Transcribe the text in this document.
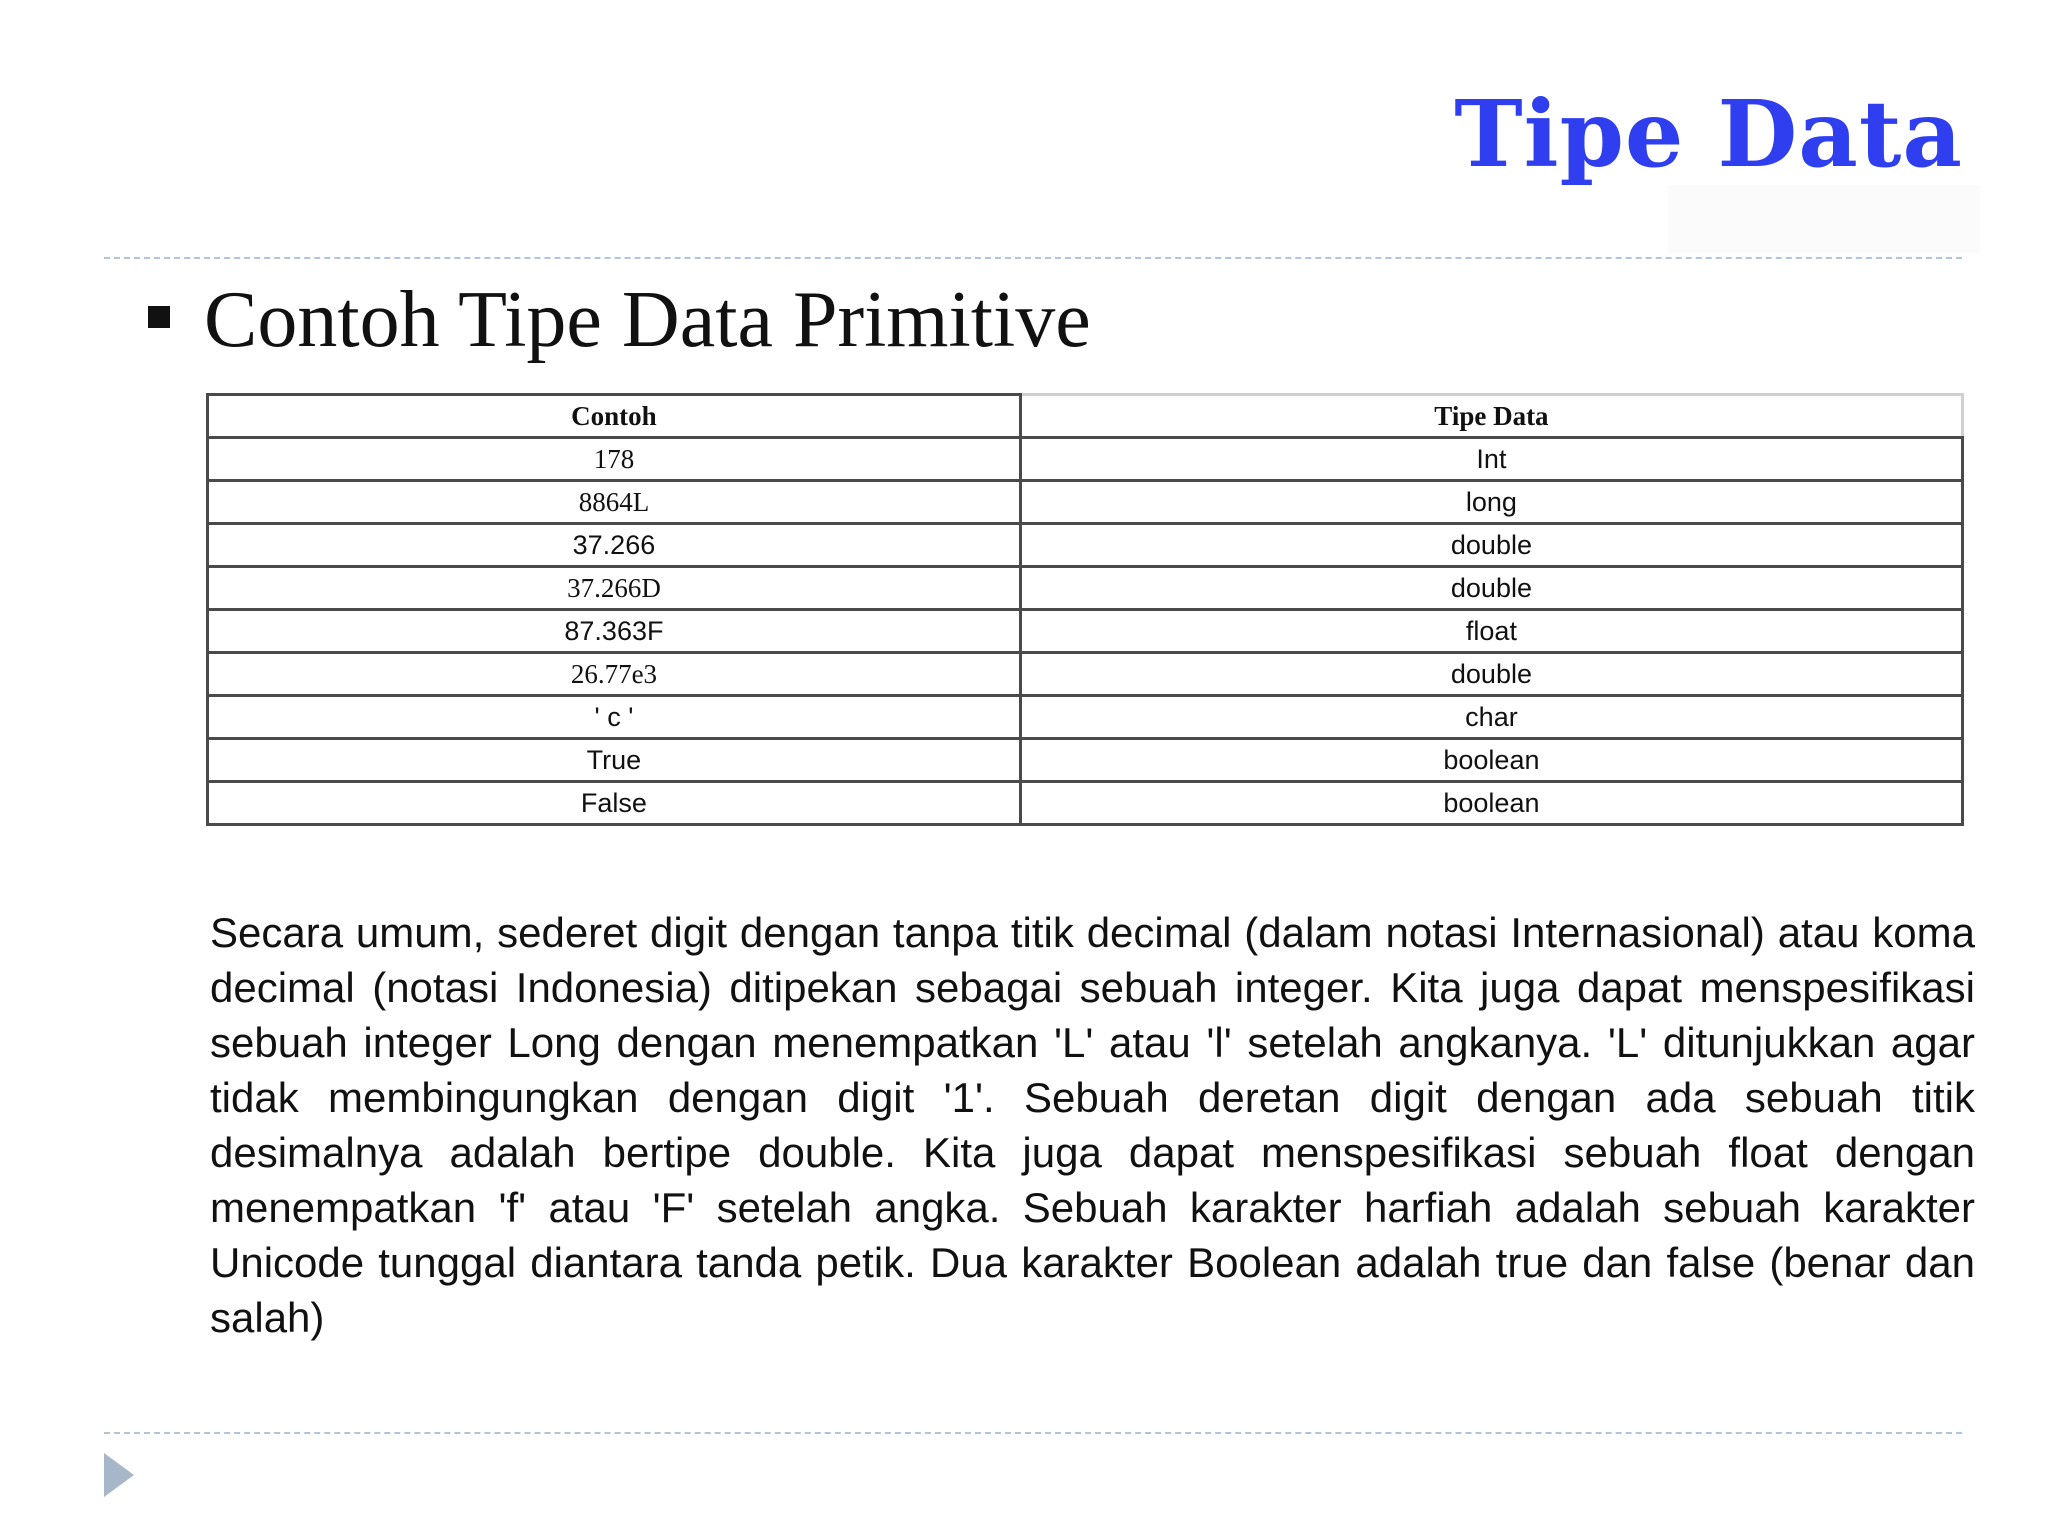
Tipe Data
Contoh Tipe Data Primitive
Contoh	Tipe Data
178	Int
8864L	long
37.266	double
37.266D	double
87.363F	float
26.77e3	double
' c '	char
True	boolean
False	boolean
Secara umum, sederet digit dengan tanpa titik decimal (dalam notasi Internasional) atau koma decimal (notasi Indonesia) ditipekan sebagai sebuah integer. Kita juga dapat menspesifikasi sebuah integer Long dengan menempatkan 'L' atau 'l' setelah angkanya. 'L' ditunjukkan agar tidak membingungkan dengan digit '1'. Sebuah deretan digit dengan ada sebuah titik desimalnya adalah bertipe double. Kita juga dapat menspesifikasi sebuah float dengan menempatkan 'f' atau 'F' setelah angka. Sebuah karakter harfiah adalah sebuah karakter Unicode tunggal diantara tanda petik. Dua karakter Boolean adalah true dan false (benar dan salah)
